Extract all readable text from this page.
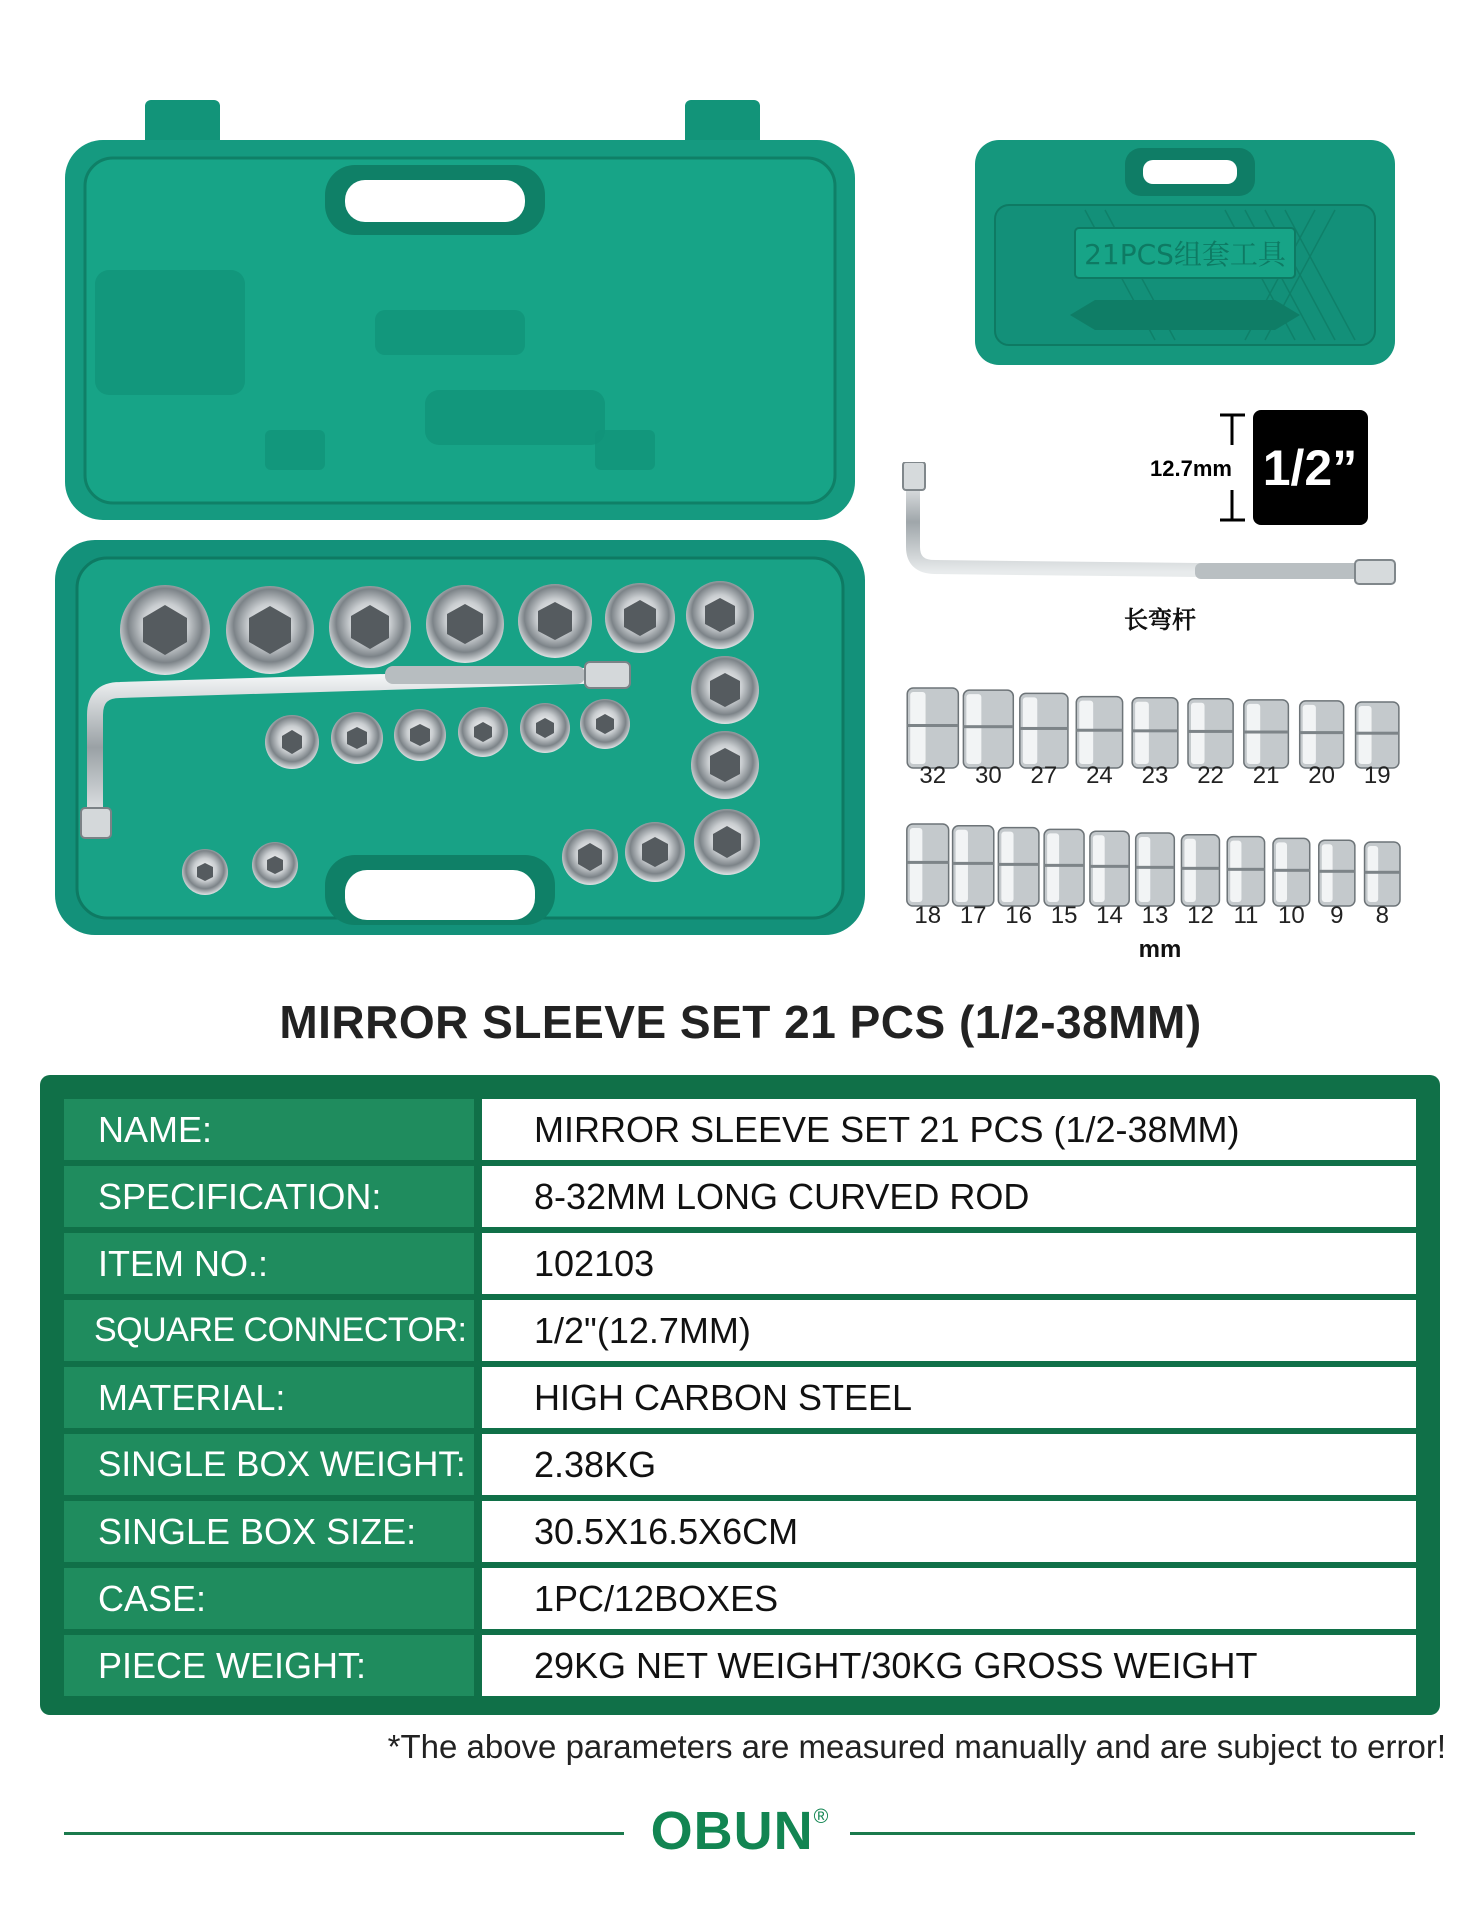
21PCS组套工具
12.7mm 1/2”
长弯杆
32 30 27 24 23 22 21 20 19
18 17 16 15 14 13 12 11 10	9	8
mm
MIRROR SLEEVE SET 21 PCS (1/2-38MM)
NAME:	MIRROR SLEEVE SET 21 PCS (1/2-38MM)
SPECIFICATION:	8-32MM LONG CURVED ROD
ITEM NO.:	102103
SQUARE CONNECTOR:	1/2"(12.7MM)
MATERIAL:	HIGH CARBON STEEL
SINGLE BOX WEIGHT:	2.38KG
SINGLE BOX SIZE:	30.5X16.5X6CM
CASE:	1PC/12BOXES
PIECE WEIGHT:	29KG NET WEIGHT/30KG GROSS WEIGHT
*The above parameters are measured manually and are subject to error!
OBUN®
